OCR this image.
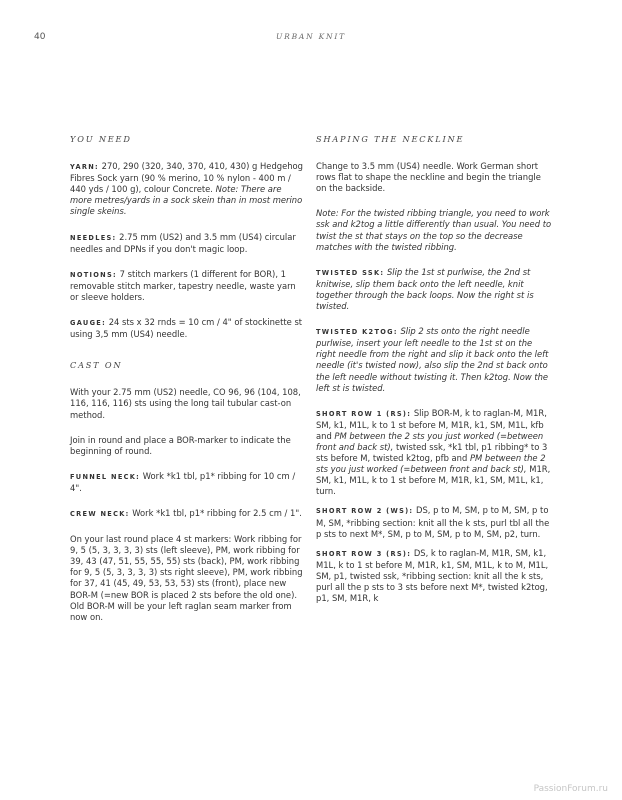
40	URBAN KNIT
YOU NEED

YARN: 270, 290 (320, 340, 370, 410, 430) g Hedgehog Fibres Sock yarn (90 % merino, 10 % nylon - 400 m / 440 yds / 100 g), colour Concrete. Note: There are more metres/yards in a sock skein than in most merino single skeins.

NEEDLES: 2.75 mm (US2) and 3.5 mm (US4) circular needles and DPNs if you don't magic loop.

NOTIONS: 7 stitch markers (1 different for BOR), 1 removable stitch marker, tapestry needle, waste yarn or sleeve holders.

GAUGE: 24 sts x 32 rnds = 10 cm / 4" of stockinette st using 3,5 mm (US4) needle.

CAST ON

With your 2.75 mm (US2) needle, CO 96, 96 (104, 108, 116, 116, 116) sts using the long tail tubular cast-on method.

Join in round and place a BOR-marker to indicate the beginning of round.

FUNNEL NECK: Work *k1 tbl, p1* ribbing for 10 cm / 4".

CREW NECK: Work *k1 tbl, p1* ribbing for 2.5 cm / 1".

On your last round place 4 st markers: Work ribbing for 9, 5 (5, 3, 3, 3, 3) sts (left sleeve), PM, work ribbing for 39, 43 (47, 51, 55, 55, 55) sts (back), PM, work ribbing for 9, 5 (5, 3, 3, 3, 3) sts right sleeve), PM, work ribbing for 37, 41 (45, 49, 53, 53, 53) sts (front), place new BOR-M (=new BOR is placed 2 sts before the old one). Old BOR-M will be your left raglan seam marker from now on.

SHAPING THE NECKLINE

Change to 3.5 mm (US4) needle. Work German short rows flat to shape the neckline and begin the triangle on the backside.

Note: For the twisted ribbing triangle, you need to work ssk and k2tog a little differently than usual. You need to twist the st that stays on the top so the decrease matches with the twisted ribbing.

TWISTED SSK: Slip the 1st st purlwise, the 2nd st knitwise, slip them back onto the left needle, knit together through the back loops. Now the right st is twisted.

TWISTED K2TOG: Slip 2 sts onto the right needle purlwise, insert your left needle to the 1st st on the right needle from the right and slip it back onto the left needle (it's twisted now), also slip the 2nd st back onto the left needle without twisting it. Then k2tog. Now the left st is twisted.

SHORT ROW 1 (RS): Slip BOR-M, k to raglan-M, M1R, SM, k1, M1L, k to 1 st before M, M1R, k1, SM, M1L, kfb and PM between the 2 sts you just worked (=between front and back st), twisted ssk, *k1 tbl, p1 ribbing* to 3 sts before M, twisted k2tog, pfb and PM between the 2 sts you just worked (=between front and back st), M1R, SM, k1, M1L, k to 1 st before M, M1R, k1, SM, M1L, k1, turn.

SHORT ROW 2 (WS): DS, p to M, SM, p to M, SM, p to M, SM, *ribbing section: knit all the k sts, purl tbl all the p sts to next M*, SM, p to M, SM, p to M, SM, p2, turn.

SHORT ROW 3 (RS): DS, k to raglan-M, M1R, SM, k1, M1L, k to 1 st before M, M1R, k1, SM, M1L, k to M, M1L, SM, p1, twisted ssk, *ribbing section: knit all the k sts, purl all the p sts to 3 sts before next M*, twisted k2tog, p1, SM, M1R, k

PassionForum.ru
